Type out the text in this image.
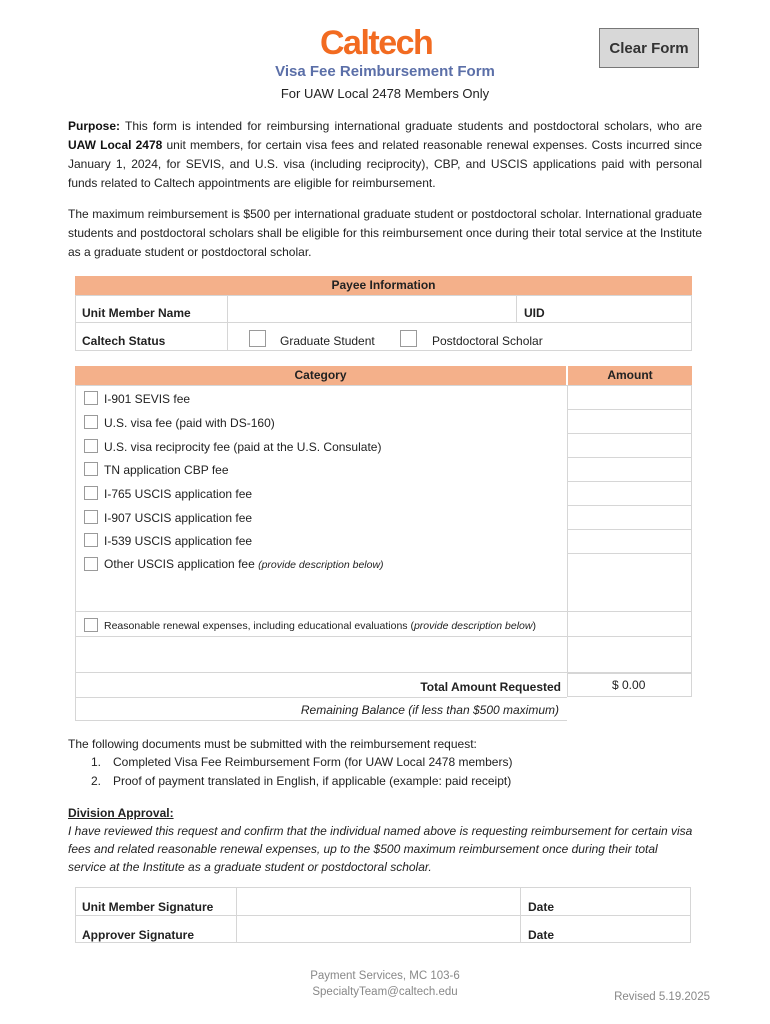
Caltech	Clear Form
Visa Fee Reimbursement Form
For UAW Local 2478 Members Only
Purpose: This form is intended for reimbursing international graduate students and postdoctoral scholars, who are UAW Local 2478 unit members, for certain visa fees and related reasonable renewal expenses. Costs incurred since January 1, 2024, for SEVIS, and U.S. visa (including reciprocity), CBP, and USCIS applications paid with personal funds related to Caltech appointments are eligible for reimbursement.
The maximum reimbursement is $500 per international graduate student or postdoctoral scholar. International graduate students and postdoctoral scholars shall be eligible for this reimbursement once during their total service at the Institute as a graduate student or postdoctoral scholar.
Payee Information
Unit Member Name	UID
Caltech Status	Graduate Student	Postdoctoral Scholar
Category	Amount
I-901 SEVIS fee
U.S. visa fee (paid with DS-160)
U.S. visa reciprocity fee (paid at the U.S. Consulate)
TN application CBP fee
I-765 USCIS application fee
I-907 USCIS application fee
I-539 USCIS application fee
Other USCIS application fee (provide description below)
Reasonable renewal expenses, including educational evaluations (provide description below)
Total Amount Requested	$ 0.00
Remaining Balance (if less than $500 maximum)
The following documents must be submitted with the reimbursement request:
1. Completed Visa Fee Reimbursement Form (for UAW Local 2478 members)
2. Proof of payment translated in English, if applicable (example: paid receipt)
Division Approval:
I have reviewed this request and confirm that the individual named above is requesting reimbursement for certain visa fees and related reasonable renewal expenses, up to the $500 maximum reimbursement once during their total service at the Institute as a graduate student or postdoctoral scholar.
Unit Member Signature	Date
Approver Signature	Date
Payment Services, MC 103-6
SpecialtyTeam@caltech.edu	Revised 5.19.2025
